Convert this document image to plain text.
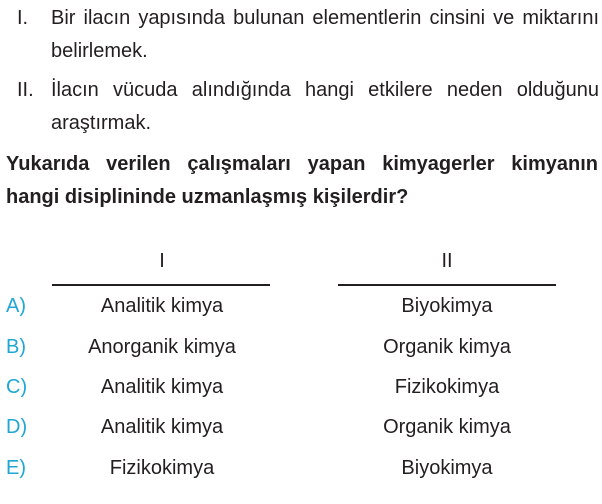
I. Bir ilacın yapısında bulunan elementlerin cinsini ve miktarını belirlemek.
II. İlacın vücuda alındığında hangi etkilere neden olduğunu araştırmak.
Yukarıda verilen çalışmaları yapan kimyagerler kimyanın hangi disiplininde uzmanlaşmış kişilerdir?
I	II
A)	Analitik kimya	Biyokimya
B)	Anorganik kimya	Organik kimya
C)	Analitik kimya	Fizikokimya
D)	Analitik kimya	Organik kimya
E)	Fizikokimya	Biyokimya
